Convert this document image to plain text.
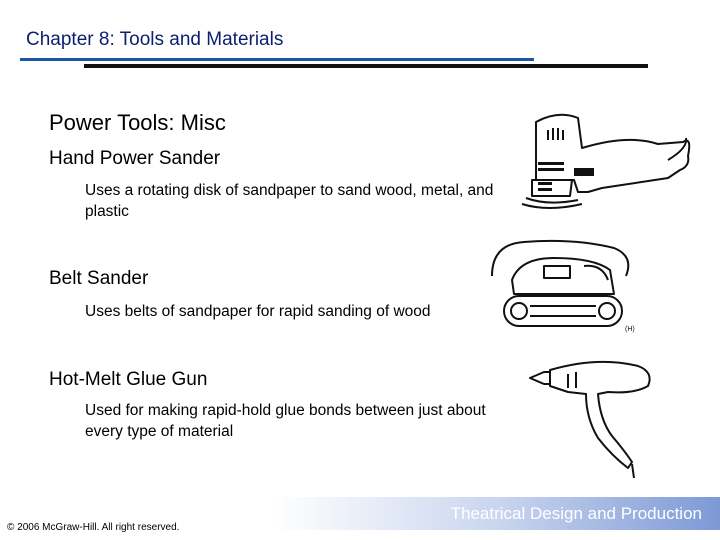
Chapter 8: Tools and Materials
Power Tools: Misc
Hand Power Sander
Uses a rotating disk of sandpaper to sand wood, metal, and plastic
Belt Sander
Uses belts of sandpaper for rapid sanding of wood
Hot-Melt Glue Gun
Used for making rapid-hold glue bonds between just about every type of material
(H)
Theatrical Design and Production
© 2006 McGraw-Hill. All right reserved.
